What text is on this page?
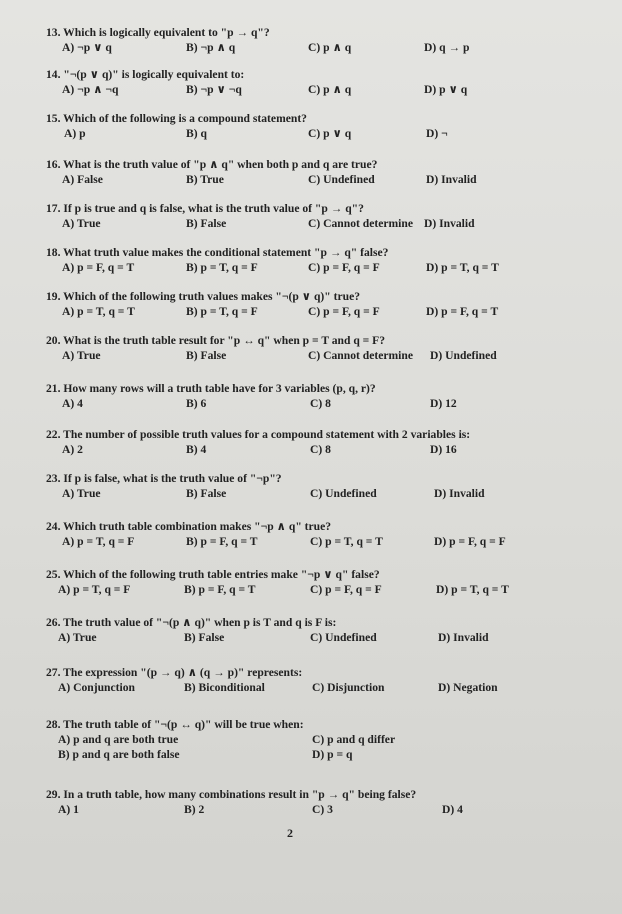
13. Which is logically equivalent to "p → q"?
A) ¬p ∨ q	B) ¬p ∧ q	C) p ∧ q	D) q → p
14. "¬(p ∨ q)" is logically equivalent to:
A) ¬p ∧ ¬q	B) ¬p ∨ ¬q	C) p ∧ q	D) p ∨ q
15. Which of the following is a compound statement?
A) p	B) q	C) p ∨ q	D) ¬
16. What is the truth value of "p ∧ q" when both p and q are true?
A) False	B) True	C) Undefined	D) Invalid
17. If p is true and q is false, what is the truth value of "p → q"?
A) True	B) False	C) Cannot determine D) Invalid
18. What truth value makes the conditional statement "p → q" false?
A) p = F, q = T	B) p = T, q = F	C) p = F, q = F	D) p = T, q = T
19. Which of the following truth values makes "¬(p ∨ q)" true?
A) p = T, q = T	B) p = T, q = F	C) p = F, q = F	D) p = F, q = T
20. What is the truth table result for "p ↔ q" when p = T and q = F?
A) True	B) False	C) Cannot determine D) Undefined
21. How many rows will a truth table have for 3 variables (p, q, r)?
A) 4	B) 6	C) 8	D) 12
22. The number of possible truth values for a compound statement with 2 variables is:
A) 2	B) 4	C) 8	D) 16
23. If p is false, what is the truth value of "¬p"?
A) True	B) False	C) Undefined	D) Invalid
24. Which truth table combination makes "¬p ∧ q" true?
A) p = T, q = F	B) p = F, q = T	C) p = T, q = T	D) p = F, q = F
25. Which of the following truth table entries make "¬p ∨ q" false?
A) p = T, q = F	B) p = F, q = T	C) p = F, q = F	D) p = T, q = T
26. The truth value of "¬(p ∧ q)" when p is T and q is F is:
A) True	B) False	C) Undefined	D) Invalid
27. The expression "(p → q) ∧ (q → p)" represents:
A) Conjunction	B) Biconditional	C) Disjunction	D) Negation
28. The truth table of "¬(p ↔ q)" will be true when:
A) p and q are both true	C) p and q differ
B) p and q are both false	D) p = q
29. In a truth table, how many combinations result in "p → q" being false?
A) 1	B) 2	C) 3	D) 4
2
